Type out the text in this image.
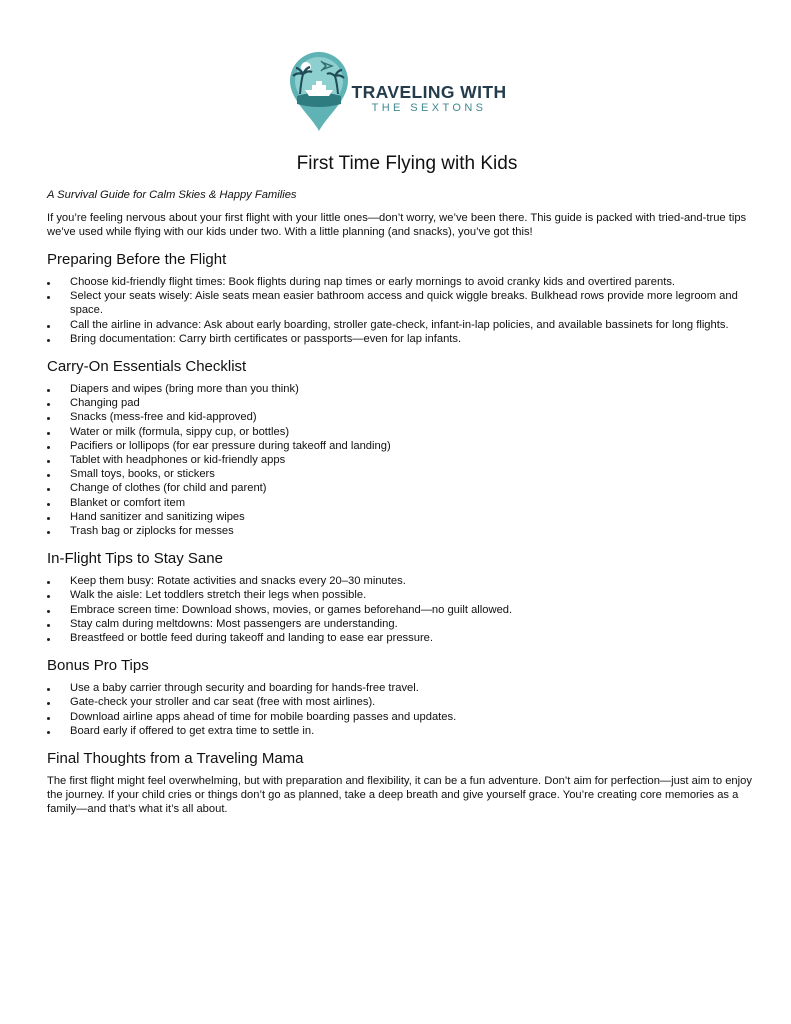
TRAVELING WITH
THE SEXTONS
First Time Flying with Kids

A Survival Guide for Calm Skies & Happy Families

If you’re feeling nervous about your first flight with your little ones—don’t worry, we’ve been there. This guide is packed with tried-and-true tips we’ve used while flying with our kids under two. With a little planning (and snacks), you’ve got this!

Preparing Before the Flight
Choose kid-friendly flight times: Book flights during nap times or early mornings to avoid cranky kids and overtired parents.
Select your seats wisely: Aisle seats mean easier bathroom access and quick wiggle breaks. Bulkhead rows provide more legroom and space.
Call the airline in advance: Ask about early boarding, stroller gate-check, infant-in-lap policies, and available bassinets for long flights.
Bring documentation: Carry birth certificates or passports—even for lap infants.
Carry-On Essentials Checklist
Diapers and wipes (bring more than you think)
Changing pad
Snacks (mess-free and kid-approved)
Water or milk (formula, sippy cup, or bottles)
Pacifiers or lollipops (for ear pressure during takeoff and landing)
Tablet with headphones or kid-friendly apps
Small toys, books, or stickers
Change of clothes (for child and parent)
Blanket or comfort item
Hand sanitizer and sanitizing wipes
Trash bag or ziplocks for messes
In-Flight Tips to Stay Sane
Keep them busy: Rotate activities and snacks every 20–30 minutes.
Walk the aisle: Let toddlers stretch their legs when possible.
Embrace screen time: Download shows, movies, or games beforehand—no guilt allowed.
Stay calm during meltdowns: Most passengers are understanding.
Breastfeed or bottle feed during takeoff and landing to ease ear pressure.
Bonus Pro Tips
Use a baby carrier through security and boarding for hands-free travel.
Gate-check your stroller and car seat (free with most airlines).
Download airline apps ahead of time for mobile boarding passes and updates.
Board early if offered to get extra time to settle in.
Final Thoughts from a Traveling Mama

The first flight might feel overwhelming, but with preparation and flexibility, it can be a fun adventure. Don’t aim for perfection—just aim to enjoy the journey. If your child cries or things don’t go as planned, take a deep breath and give yourself grace. You’re creating core memories as a family—and that’s what it’s all about.
